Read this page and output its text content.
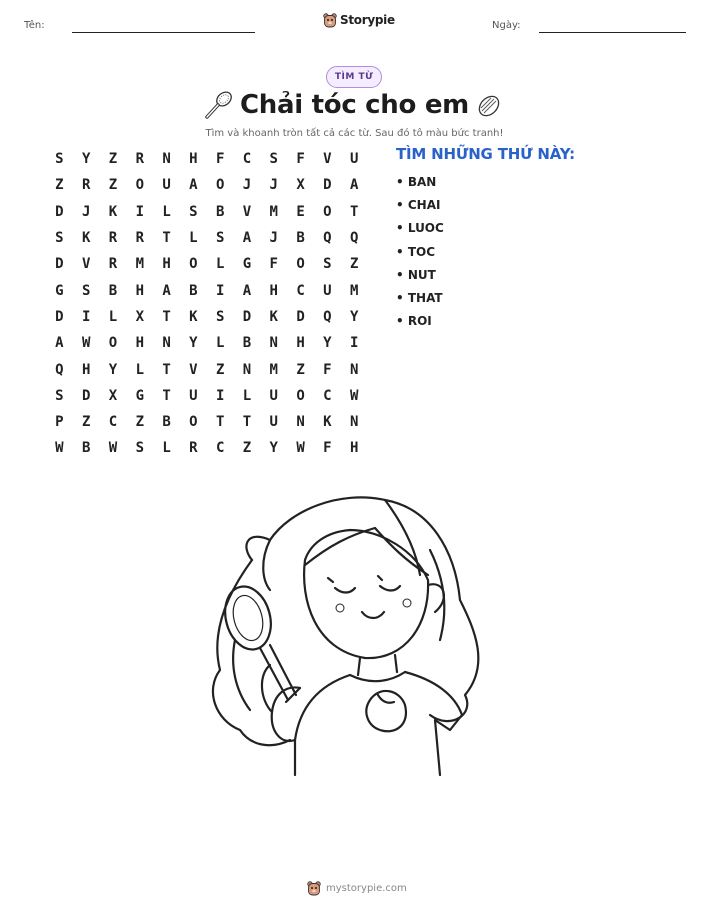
Tên:	Storypie	Ngày:
TÌM TỪ
Chải tóc cho em
Tìm và khoanh tròn tất cả các từ. Sau đó tô màu bức tranh!
S	Y	Z	R	N	H	F	C	S	F	V	U
Z	R	Z	O	U	A	O	J	J	X	D	A
D	J	K	I	L	S	B	V	M	E	O	T
S	K	R	R	T	L	S	A	J	B	Q	Q
D	V	R	M	H	O	L	G	F	O	S	Z
G	S	B	H	A	B	I	A	H	C	U	M
D	I	L	X	T	K	S	D	K	D	Q	Y
A	W	O	H	N	Y	L	B	N	H	Y	I
Q	H	Y	L	T	V	Z	N	M	Z	F	N
S	D	X	G	T	U	I	L	U	O	C	W
P	Z	C	Z	B	O	T	T	U	N	K	N
W	B	W	S	L	R	C	Z	Y	W	F	H
TÌM NHỮNG THỨ NÀY:
• BAN
• CHAI
• LUOC
• TOC
• NUT
• THAT
• ROI
mystorypie.com
